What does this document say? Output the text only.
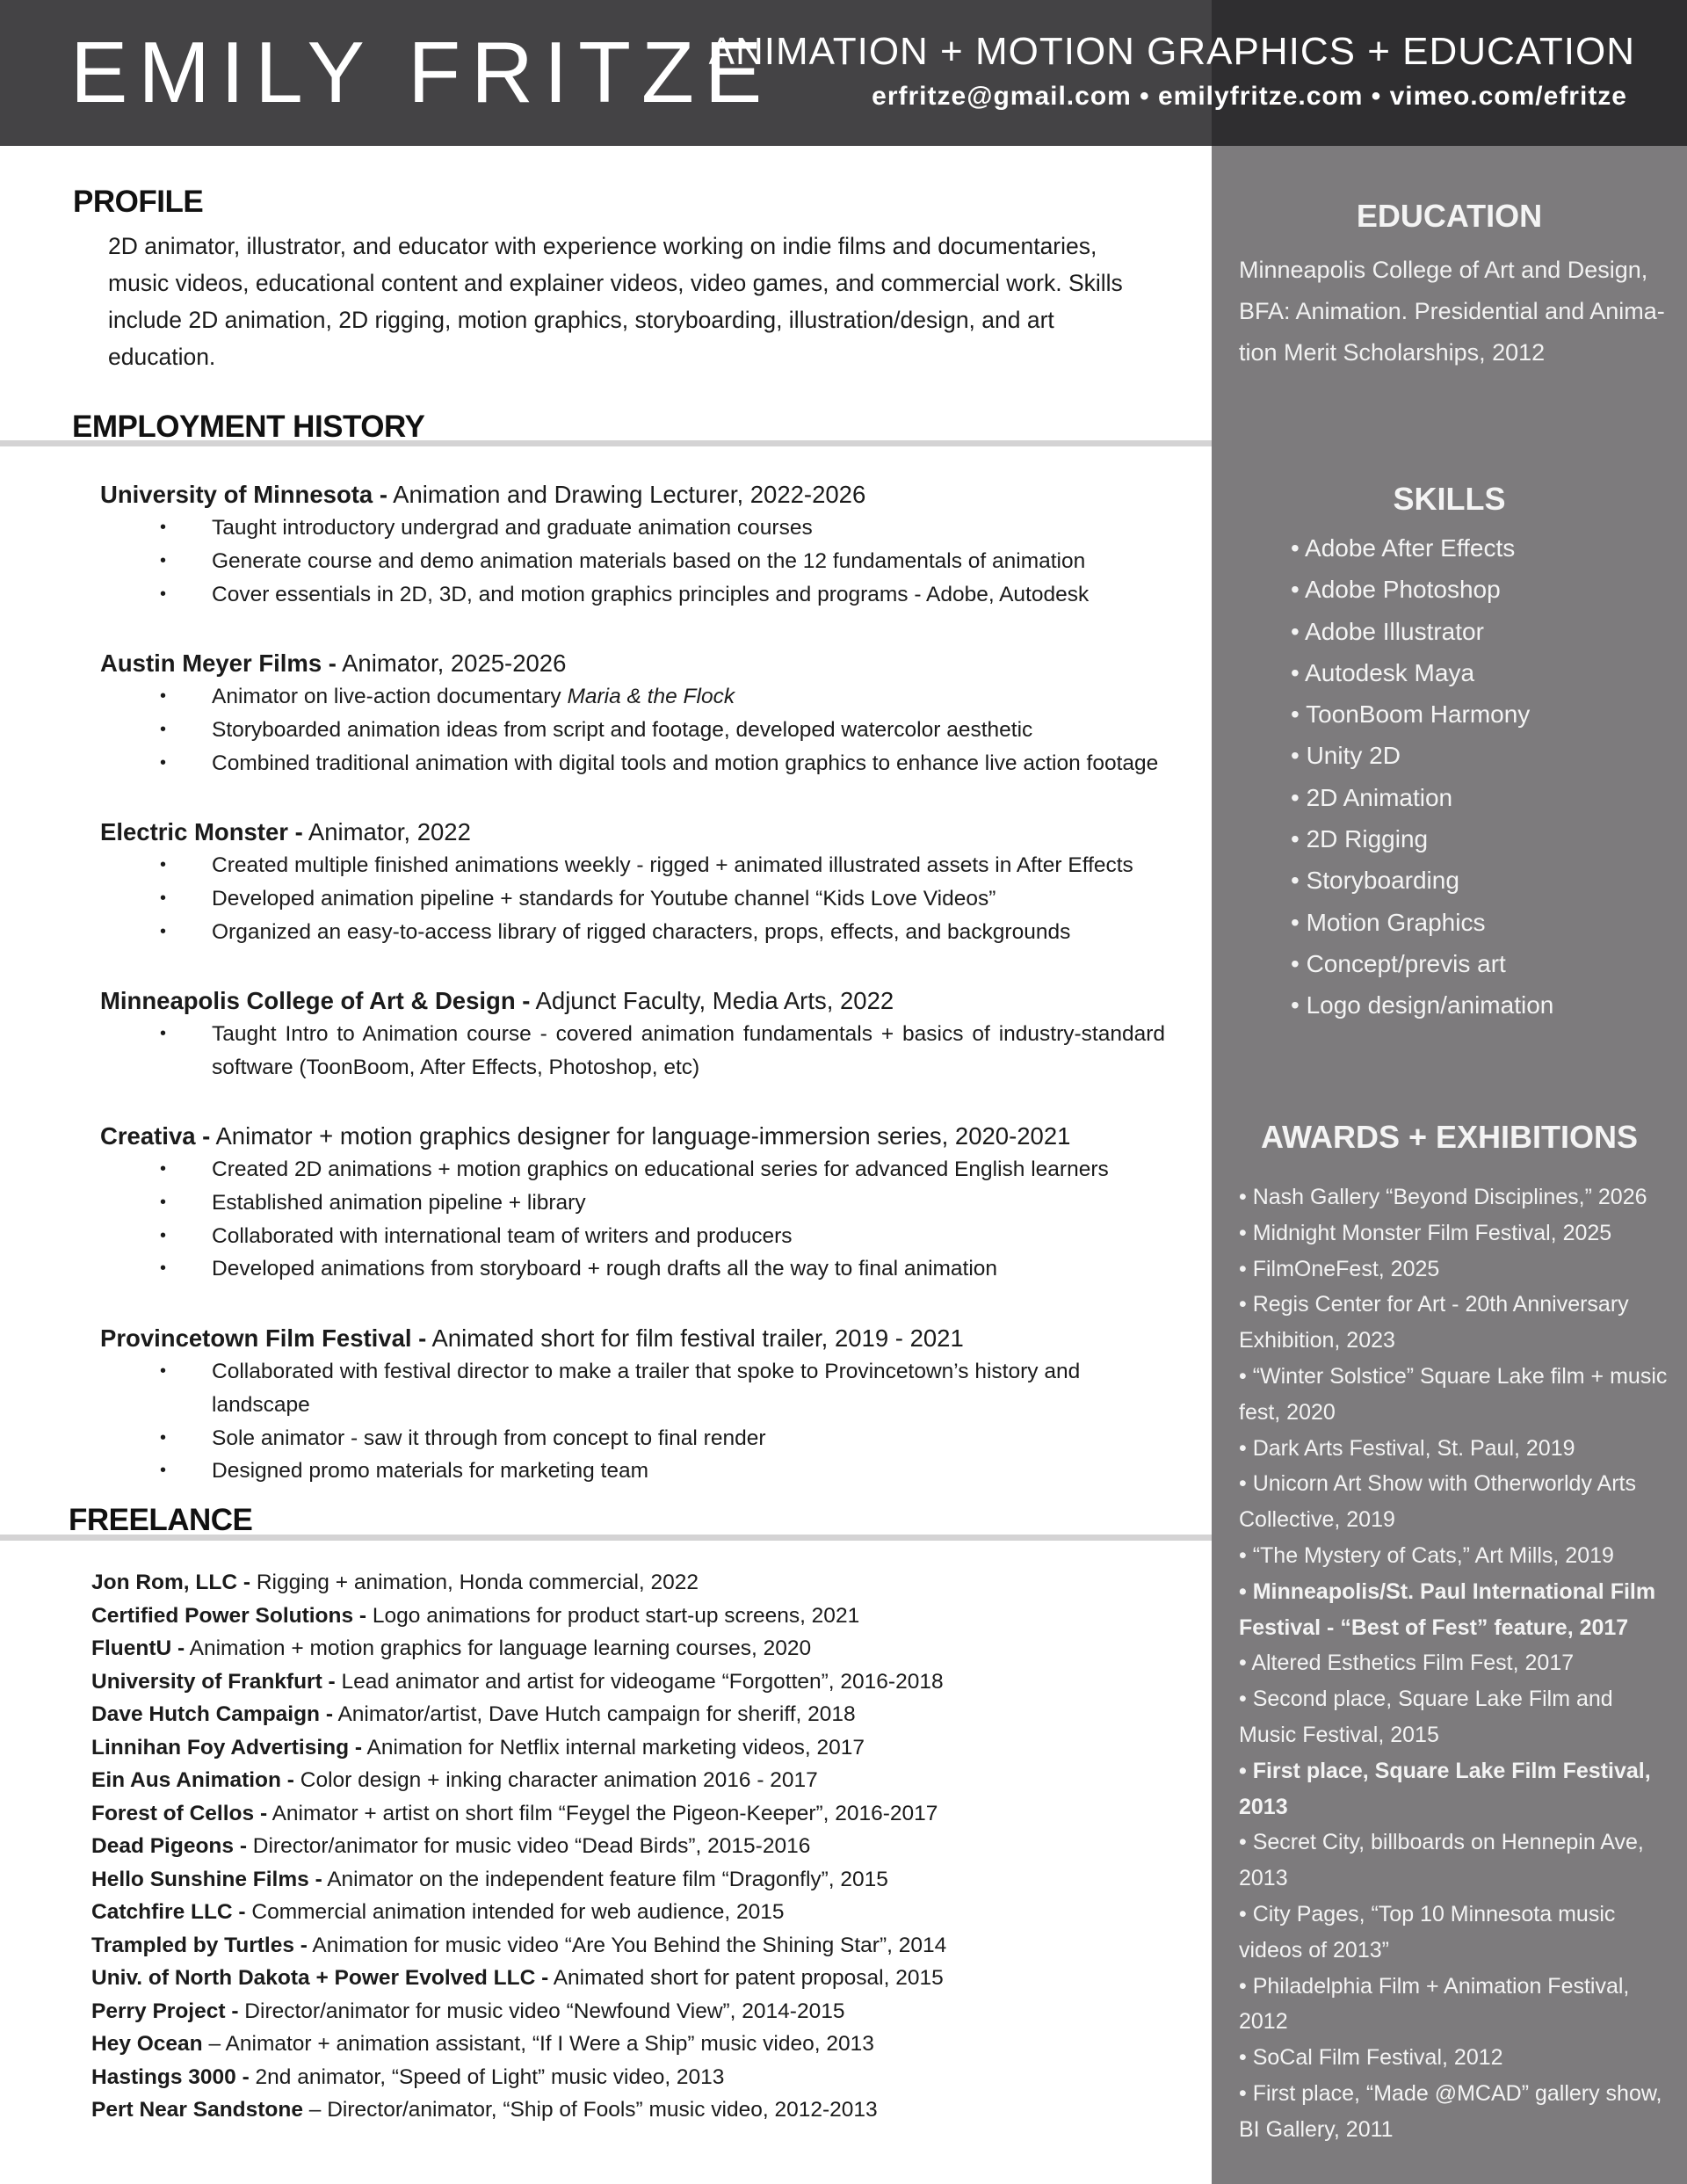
EMILY FRITZE
ANIMATION + MOTION GRAPHICS + EDUCATION
erfritze@gmail.com • emilyfritze.com • vimeo.com/efritze
PROFILE

2D animator, illustrator, and educator with experience working on indie films and documentaries, music videos, educational content and explainer videos, video games, and commercial work. Skills include 2D animation, 2D rigging, motion graphics, storyboarding, illustration/design, and art education.

EMPLOYMENT HISTORY

University of Minnesota - Animation and Drawing Lecturer, 2022-2026

• Taught introductory undergrad and graduate animation courses
• Generate course and demo animation materials based on the 12 fundamentals of animation
• Cover essentials in 2D, 3D, and motion graphics principles and programs - Adobe, Autodesk

Austin Meyer Films - Animator, 2025-2026

• Animator on live-action documentary Maria & the Flock
• Storyboarded animation ideas from script and footage, developed watercolor aesthetic
• Combined traditional animation with digital tools and motion graphics to enhance live action footage

Electric Monster - Animator, 2022

• Created multiple finished animations weekly - rigged + animated illustrated assets in After Effects
• Developed animation pipeline + standards for Youtube channel “Kids Love Videos”
• Organized an easy-to-access library of rigged characters, props, effects, and backgrounds

Minneapolis College of Art & Design - Adjunct Faculty, Media Arts, 2022

• Taught Intro to Animation course - covered animation fundamentals + basics of industry-standard software (ToonBoom, After Effects, Photoshop, etc)

Creativa - Animator + motion graphics designer for language-immersion series, 2020-2021

• Created 2D animations + motion graphics on educational series for advanced English learners
• Established animation pipeline + library
• Collaborated with international team of writers and producers
• Developed animations from storyboard + rough drafts all the way to final animation

Provincetown Film Festival - Animated short for film festival trailer, 2019 - 2021

• Collaborated with festival director to make a trailer that spoke to Provincetown’s history and landscape
• Sole animator - saw it through from concept to final render
• Designed promo materials for marketing team
FREELANCE
Jon Rom, LLC - Rigging + animation, Honda commercial, 2022
Certified Power Solutions - Logo animations for product start-up screens, 2021
FluentU - Animation + motion graphics for language learning courses, 2020
University of Frankfurt - Lead animator and artist for videogame “Forgotten”, 2016-2018
Dave Hutch Campaign - Animator/artist, Dave Hutch campaign for sheriff, 2018
Linnihan Foy Advertising - Animation for Netflix internal marketing videos, 2017
Ein Aus Animation - Color design + inking character animation 2016 - 2017
Forest of Cellos - Animator + artist on short film “Feygel the Pigeon-Keeper”, 2016-2017
Dead Pigeons - Director/animator for music video “Dead Birds”, 2015-2016
Hello Sunshine Films - Animator on the independent feature film “Dragonfly”, 2015
Catchfire LLC - Commercial animation intended for web audience, 2015
Trampled by Turtles - Animation for music video “Are You Behind the Shining Star”, 2014
Univ. of North Dakota + Power Evolved LLC - Animated short for patent proposal, 2015
Perry Project - Director/animator for music video “Newfound View”, 2014-2015
Hey Ocean – Animator + animation assistant, “If I Were a Ship” music video, 2013
Hastings 3000 - 2nd animator, “Speed of Light” music video, 2013
Pert Near Sandstone – Director/animator, “Ship of Fools” music video, 2012-2013
EDUCATION

Minneapolis College of Art and Design, BFA: Animation. Presidential and Anima- tion Merit Scholarships, 2012

SKILLS
• Adobe After Effects
• Adobe Photoshop
• Adobe Illustrator
• Autodesk Maya
• ToonBoom Harmony
• Unity 2D
• 2D Animation
• 2D Rigging
• Storyboarding
• Motion Graphics
• Concept/previs art
• Logo design/animation
AWARDS + EXHIBITIONS
• Nash Gallery “Beyond Disciplines,” 2026
• Midnight Monster Film Festival, 2025
• FilmOneFest, 2025
• Regis Center for Art - 20th Anniversary Exhibition, 2023
• “Winter Solstice” Square Lake film + music fest, 2020
• Dark Arts Festival, St. Paul, 2019
• Unicorn Art Show with Otherworldy Arts Collective, 2019
• “The Mystery of Cats,” Art Mills, 2019
• Minneapolis/St. Paul International Film Festival - “Best of Fest” feature, 2017
• Altered Esthetics Film Fest, 2017
• Second place, Square Lake Film and Music Festival, 2015
• First place, Square Lake Film Festival, 2013
• Secret City, billboards on Hennepin Ave, 2013
• City Pages, “Top 10 Minnesota music videos of 2013”
• Philadelphia Film + Animation Festival, 2012
• SoCal Film Festival, 2012
• First place, “Made @MCAD” gallery show, BI Gallery, 2011
